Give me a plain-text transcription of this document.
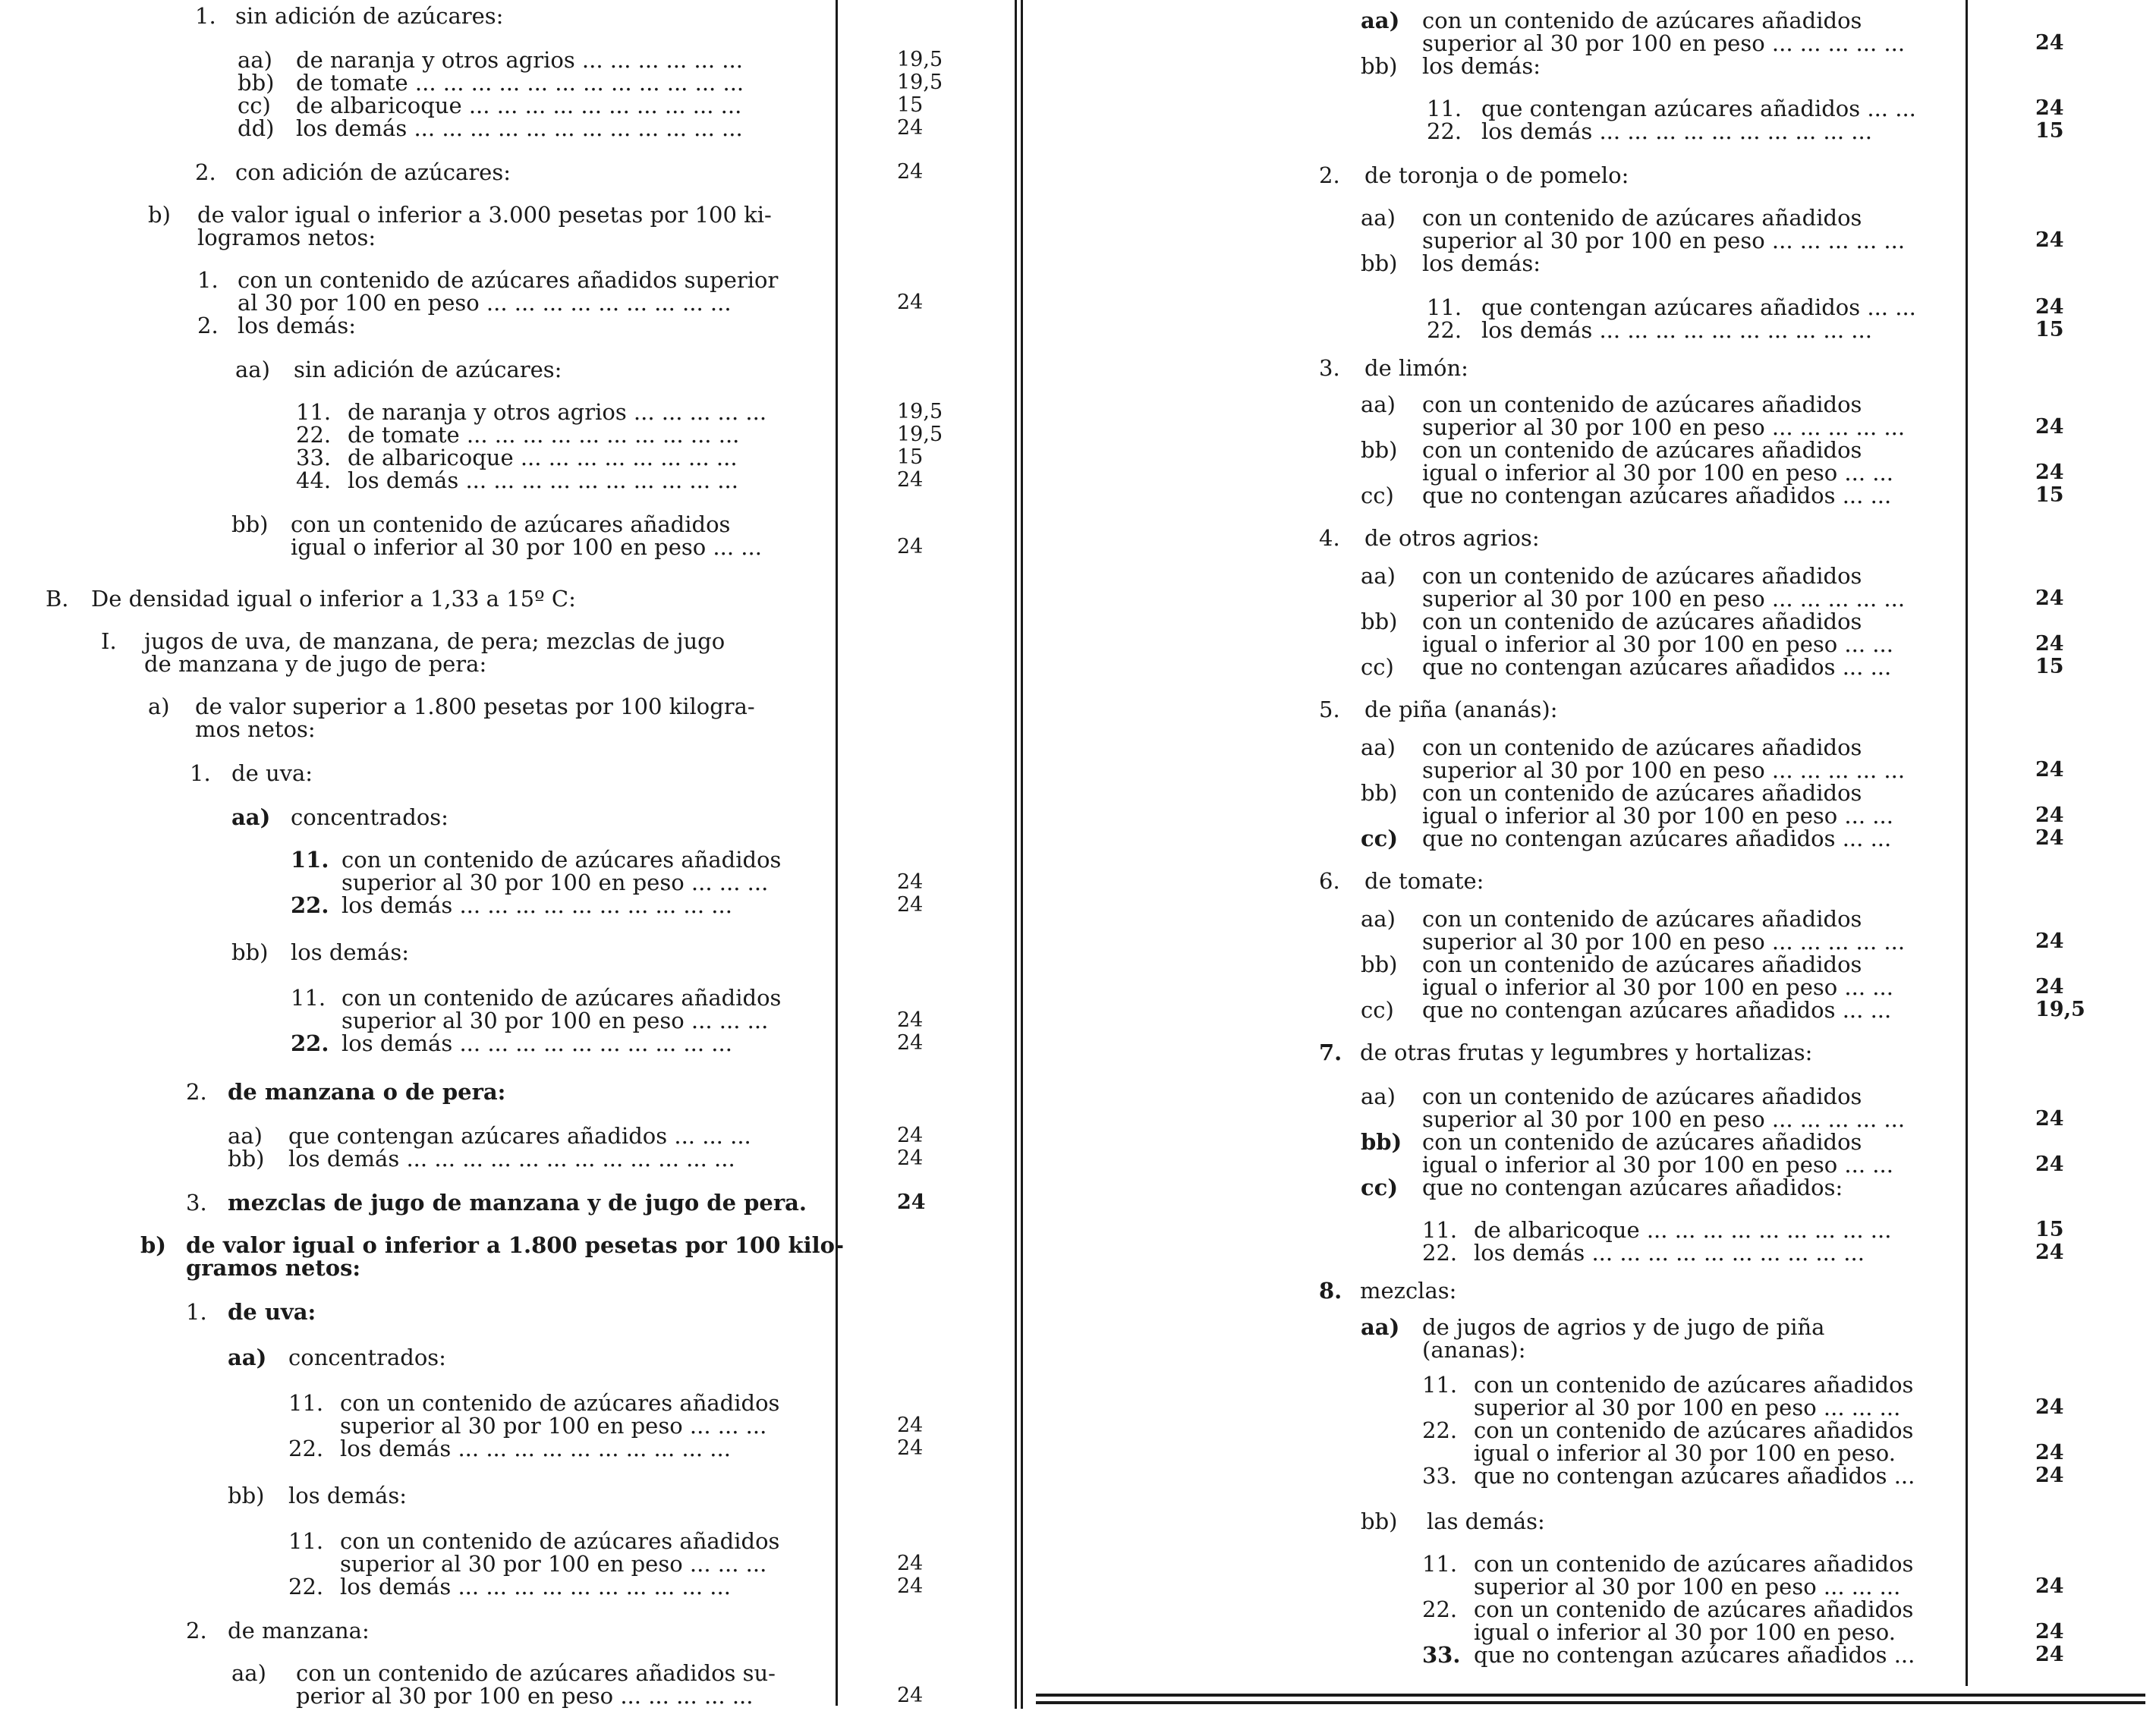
1. sin adición de azúcares:
aa) de naranja y otros agrios ... ... ... ... ... ...	19,5
bb) de tomate ... ... ... ... ... ... ... ... ... ... ... ...	19,5
cc) de albaricoque ... ... ... ... ... ... ... ... ... ...	15
dd) los demás ... ... ... ... ... ... ... ... ... ... ... ...	24
2. con adición de azúcares:	24
b) de valor igual o inferior a 3.000 pesetas por 100 ki-
logramos netos:
1. con un contenido de azúcares añadidos superior
al 30 por 100 en peso ... ... ... ... ... ... ... ... ...	24
2. los demás:
aa) sin adición de azúcares:
11. de naranja y otros agrios ... ... ... ... ...	19,5
22. de tomate ... ... ... ... ... ... ... ... ... ...	19,5
33. de albaricoque ... ... ... ... ... ... ... ...	15
44. los demás ... ... ... ... ... ... ... ... ... ...	24
bb) con un contenido de azúcares añadidos
igual o inferior al 30 por 100 en peso ... ...	24
B. De densidad igual o inferior a 1,33 a 15º C:
I. jugos de uva, de manzana, de pera; mezclas de jugo
de manzana y de jugo de pera:
a) de valor superior a 1.800 pesetas por 100 kilogra-
mos netos:
1. de uva:
aa) concentrados:
11. con un contenido de azúcares añadidos
superior al 30 por 100 en peso ... ... ...	24
22. los demás ... ... ... ... ... ... ... ... ... ...	24
bb) los demás:
11. con un contenido de azúcares añadidos
superior al 30 por 100 en peso ... ... ...	24
22. los demás ... ... ... ... ... ... ... ... ... ...	24
2. de manzana o de pera:
aa) que contengan azúcares añadidos ... ... ...	24
bb) los demás ... ... ... ... ... ... ... ... ... ... ... ...	24
3. mezclas de jugo de manzana y de jugo de pera.	24
b) de valor igual o inferior a 1.800 pesetas por 100 kilo-
gramos netos:
1. de uva:
aa) concentrados:
11. con un contenido de azúcares añadidos
superior al 30 por 100 en peso ... ... ...	24
22. los demás ... ... ... ... ... ... ... ... ... ...	24
bb) los demás:
11. con un contenido de azúcares añadidos
superior al 30 por 100 en peso ... ... ...	24
22. los demás ... ... ... ... ... ... ... ... ... ...	24
2. de manzana:
aa) con un contenido de azúcares añadidos su-
perior al 30 por 100 en peso ... ... ... ... ...	24
aa) con un contenido de azúcares añadidos
superior al 30 por 100 en peso ... ... ... ... ...	24
bb) los demás:
11. que contengan azúcares añadidos ... ...	24
22. los demás ... ... ... ... ... ... ... ... ... ...	15
2. de toronja o de pomelo:
aa) con un contenido de azúcares añadidos
superior al 30 por 100 en peso ... ... ... ... ...	24
bb) los demás:
11. que contengan azúcares añadidos ... ...	24
22. los demás ... ... ... ... ... ... ... ... ... ...	15
3. de limón:
aa) con un contenido de azúcares añadidos
superior al 30 por 100 en peso ... ... ... ... ...	24
bb) con un contenido de azúcares añadidos
igual o inferior al 30 por 100 en peso ... ...	24
cc) que no contengan azúcares añadidos ... ...	15
4. de otros agrios:
aa) con un contenido de azúcares añadidos
superior al 30 por 100 en peso ... ... ... ... ...	24
bb) con un contenido de azúcares añadidos
igual o inferior al 30 por 100 en peso ... ...	24
cc) que no contengan azúcares añadidos ... ...	15
5. de piña (ananás):
aa) con un contenido de azúcares añadidos
superior al 30 por 100 en peso ... ... ... ... ...	24
bb) con un contenido de azúcares añadidos
igual o inferior al 30 por 100 en peso ... ...	24
cc) que no contengan azúcares añadidos ... ...	24
6. de tomate:
aa) con un contenido de azúcares añadidos
superior al 30 por 100 en peso ... ... ... ... ...	24
bb) con un contenido de azúcares añadidos
igual o inferior al 30 por 100 en peso ... ...	24
cc) que no contengan azúcares añadidos ... ...	19,5
7. de otras frutas y legumbres y hortalizas:
aa) con un contenido de azúcares añadidos
superior al 30 por 100 en peso ... ... ... ... ...	24
bb) con un contenido de azúcares añadidos
igual o inferior al 30 por 100 en peso ... ...	24
cc) que no contengan azúcares añadidos:
11. de albaricoque ... ... ... ... ... ... ... ... ...	15
22. los demás ... ... ... ... ... ... ... ... ... ...	24
8. mezclas:
aa) de jugos de agrios y de jugo de piña
(ananas):
11. con un contenido de azúcares añadidos
superior al 30 por 100 en peso ... ... ...	24
22. con un contenido de azúcares añadidos
igual o inferior al 30 por 100 en peso.	24
33. que no contengan azúcares añadidos ...	24
bb) las demás:
11. con un contenido de azúcares añadidos
superior al 30 por 100 en peso ... ... ...	24
22. con un contenido de azúcares añadidos
igual o inferior al 30 por 100 en peso.	24
33. que no contengan azúcares añadidos ...	24
